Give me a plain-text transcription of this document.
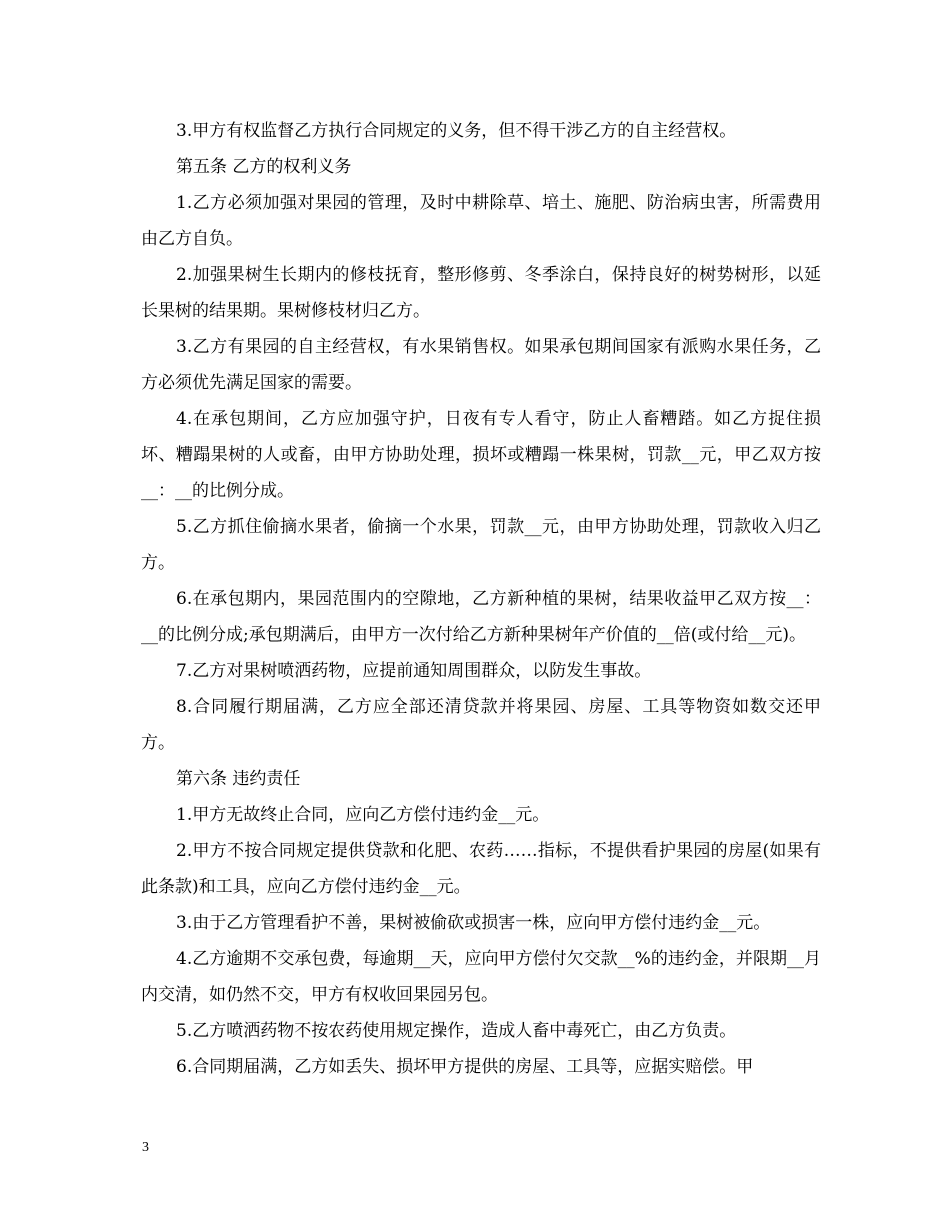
3.甲方有权监督乙方执行合同规定的义务，但不得干涉乙方的自主经营权。

第五条 乙方的权利义务

1.乙方必须加强对果园的管理，及时中耕除草、培土、施肥、防治病虫害，所需费用由乙方自负。

2.加强果树生长期内的修枝抚育，整形修剪、冬季涂白，保持良好的树势树形，以延长果树的结果期。果树修枝材归乙方。

3.乙方有果园的自主经营权，有水果销售权。如果承包期间国家有派购水果任务，乙方必须优先满足国家的需要。

4.在承包期间，乙方应加强守护，日夜有专人看守，防止人畜糟踏。如乙方捉住损坏、糟蹋果树的人或畜，由甲方协助处理，损坏或糟蹋一株果树，罚款__元，甲乙双方按__：__的比例分成。

5.乙方抓住偷摘水果者，偷摘一个水果，罚款__元，由甲方协助处理，罚款收入归乙方。

6.在承包期内，果园范围内的空隙地，乙方新种植的果树，结果收益甲乙双方按__：__的比例分成;承包期满后，由甲方一次付给乙方新种果树年产价值的__倍(或付给__元)。

7.乙方对果树喷洒药物，应提前通知周围群众，以防发生事故。

8.合同履行期届满，乙方应全部还清贷款并将果园、房屋、工具等物资如数交还甲方。

第六条 违约责任

1.甲方无故终止合同，应向乙方偿付违约金__元。

2.甲方不按合同规定提供贷款和化肥、农药……指标，不提供看护果园的房屋(如果有此条款)和工具，应向乙方偿付违约金__元。

3.由于乙方管理看护不善，果树被偷砍或损害一株，应向甲方偿付违约金__元。

4.乙方逾期不交承包费，每逾期__天，应向甲方偿付欠交款__%的违约金，并限期__月内交清，如仍然不交，甲方有权收回果园另包。

5.乙方喷洒药物不按农药使用规定操作，造成人畜中毒死亡，由乙方负责。

6.合同期届满，乙方如丢失、损坏甲方提供的房屋、工具等，应据实赔偿。甲

3
